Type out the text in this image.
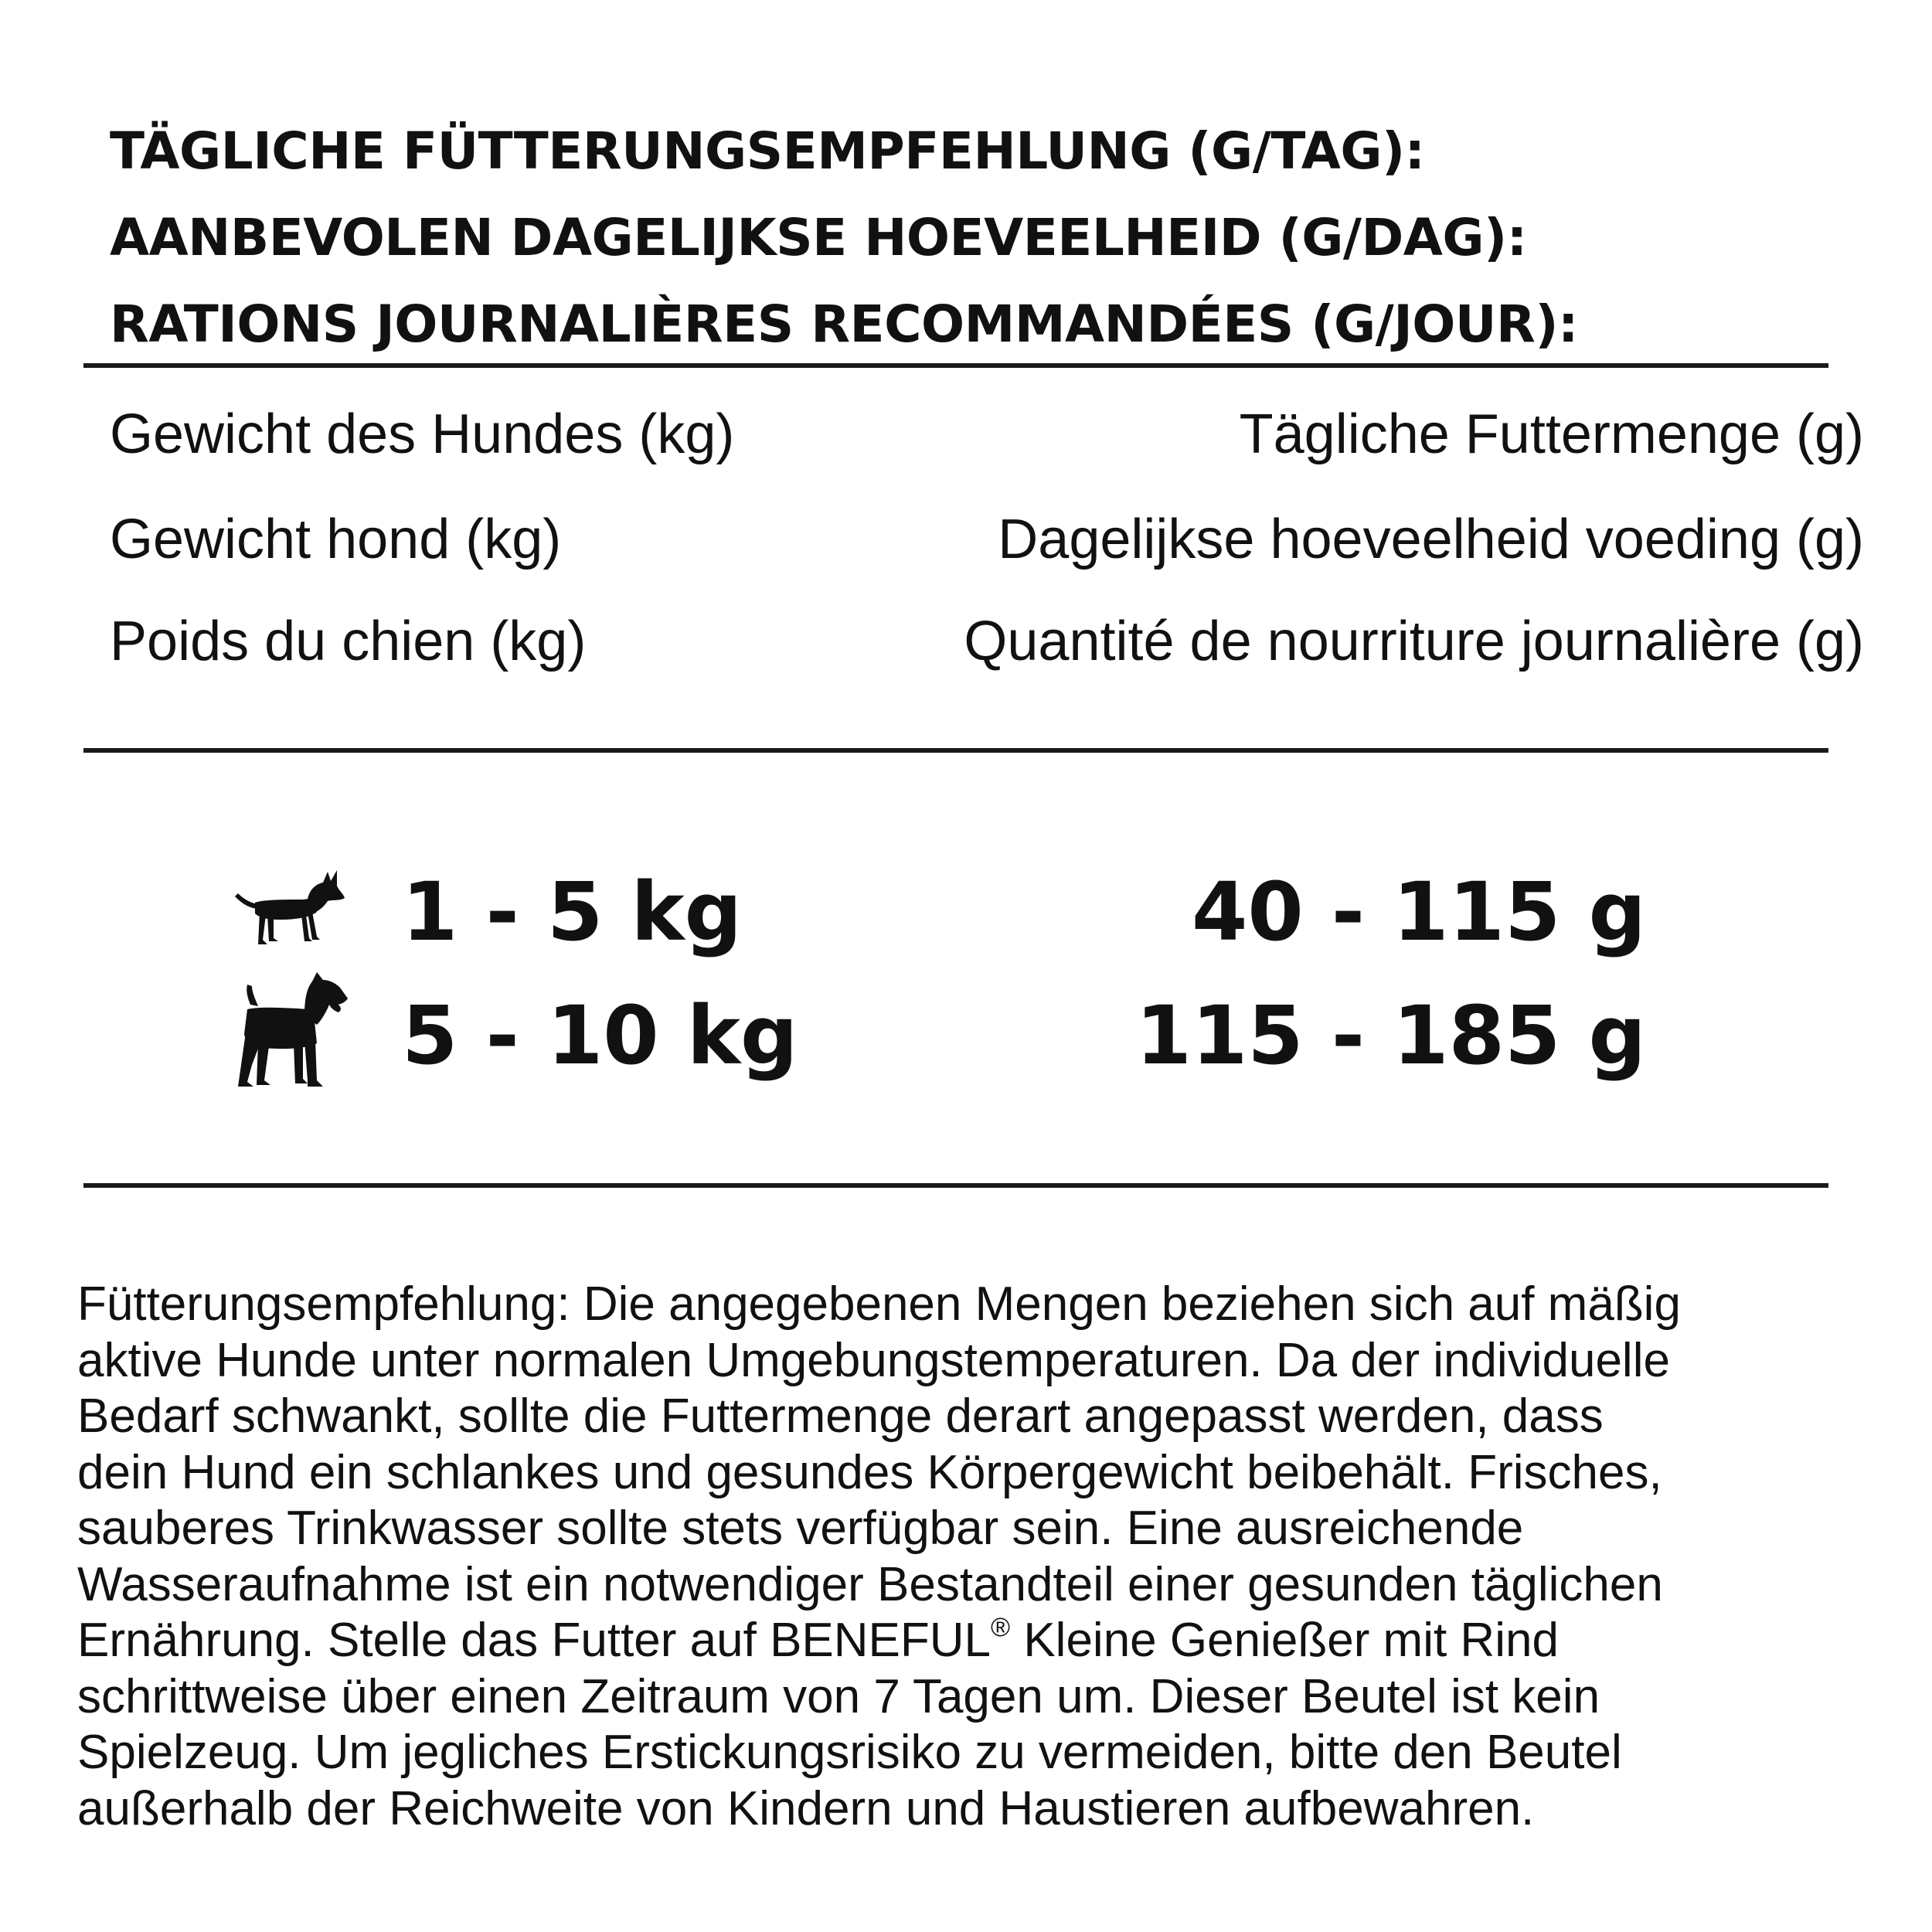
TÄGLICHE FÜTTERUNGSEMPFEHLUNG (G/TAG):
AANBEVOLEN DAGELIJKSE HOEVEELHEID (G/DAG):
RATIONS JOURNALIÈRES RECOMMANDÉES (G/JOUR):
Gewicht des Hundes (kg)	Tägliche Futtermenge (g)
Gewicht hond (kg)	Dagelijkse hoeveelheid voeding (g)
Poids du chien (kg)	Quantité de nourriture journalière (g)
1 - 5 kg	40 - 115 g
5 - 10 kg	115 - 185 g
Fütterungsempfehlung: Die angegebenen Mengen beziehen sich auf mäßig
aktive Hunde unter normalen Umgebungstemperaturen. Da der individuelle
Bedarf schwankt, sollte die Futtermenge derart angepasst werden, dass
dein Hund ein schlankes und gesundes Körpergewicht beibehält. Frisches,
sauberes Trinkwasser sollte stets verfügbar sein. Eine ausreichende
Wasseraufnahme ist ein notwendiger Bestandteil einer gesunden täglichen
Ernährung. Stelle das Futter auf BENEFUL® Kleine Genießer mit Rind
schrittweise über einen Zeitraum von 7 Tagen um. Dieser Beutel ist kein
Spielzeug. Um jegliches Erstickungsrisiko zu vermeiden, bitte den Beutel
außerhalb der Reichweite von Kindern und Haustieren aufbewahren.
